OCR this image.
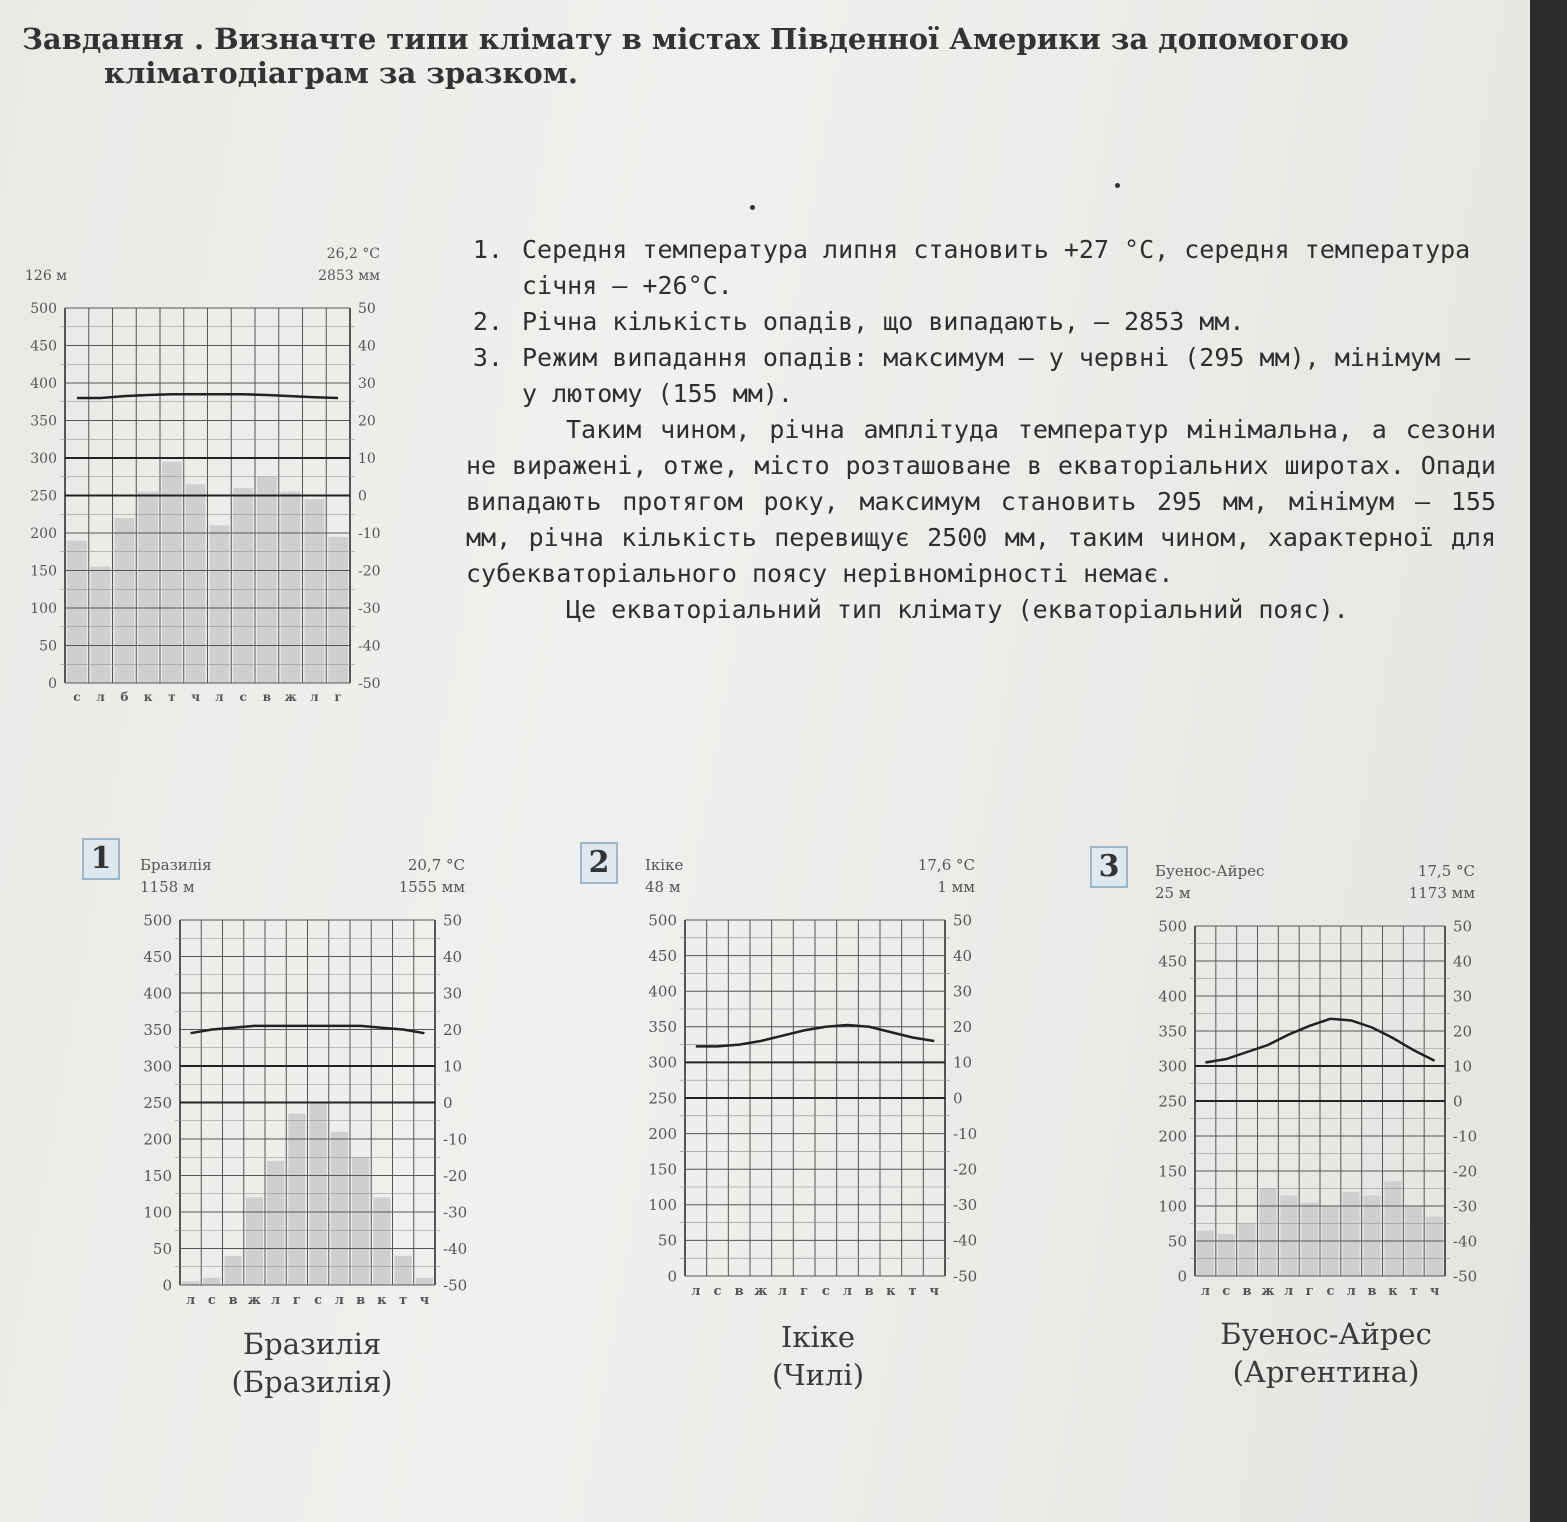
Завдання . Визначте типи клімату в містах Південної Америки за допомогою
кліматодіаграм за зразком.
1. Середня температура липня становить +27 °С, середня температура січня — +26°С.
2. Річна кількість опадів, що випадають, — 2853 мм.
3. Режим випадання опадів: максимум — у червні (295 мм), мінімум — у лютому (155 мм).

Таким чином, річна амплітуда температур мінімальна, а сезони не виражені, отже, місто розташоване в екваторіальних широтах. Опади випадають протягом року, максимум становить 295 мм, мінімум — 155 мм, річна кількість перевищує 2500 мм, таким чином, характерної для субекваторіального поясу нерівномірності немає.

Це екваторіальний тип клімату (екваторіальний пояс).

126 м
26,2 °С
2853 мм
500	50
450	40
400	30
350	20
300	10
250	0
200	-10
150	-20
100	-30
50	-40
0	-50
с л б к т ч л с в ж л г
1	Бразилія
1158 м
20,7 °С
1555 мм
500	50
450	40
400	30
350	20
300	10
250	0
200	-10
150	-20
100	-30
50	-40
0	-50
л с в ж л г с л в к т ч
Бразилія
(Бразилія)
2	Ікіке
48 м
17,6 °С
1 мм
500	50
450	40
400	30
350	20
300	10
250	0
200	-10
150	-20
100	-30
50	-40
0	-50
л с в ж л г с л в к т ч
Ікіке
(Чилі)
3	Буенос-Айрес
25 м
17,5 °С
1173 мм
500	50
450	40
400	30
350	20
300	10
250	0
200	-10
150	-20
100	-30
50	-40
0	-50
л с в ж л г с л в к т ч
Буенос-Айрес
(Аргентина)
